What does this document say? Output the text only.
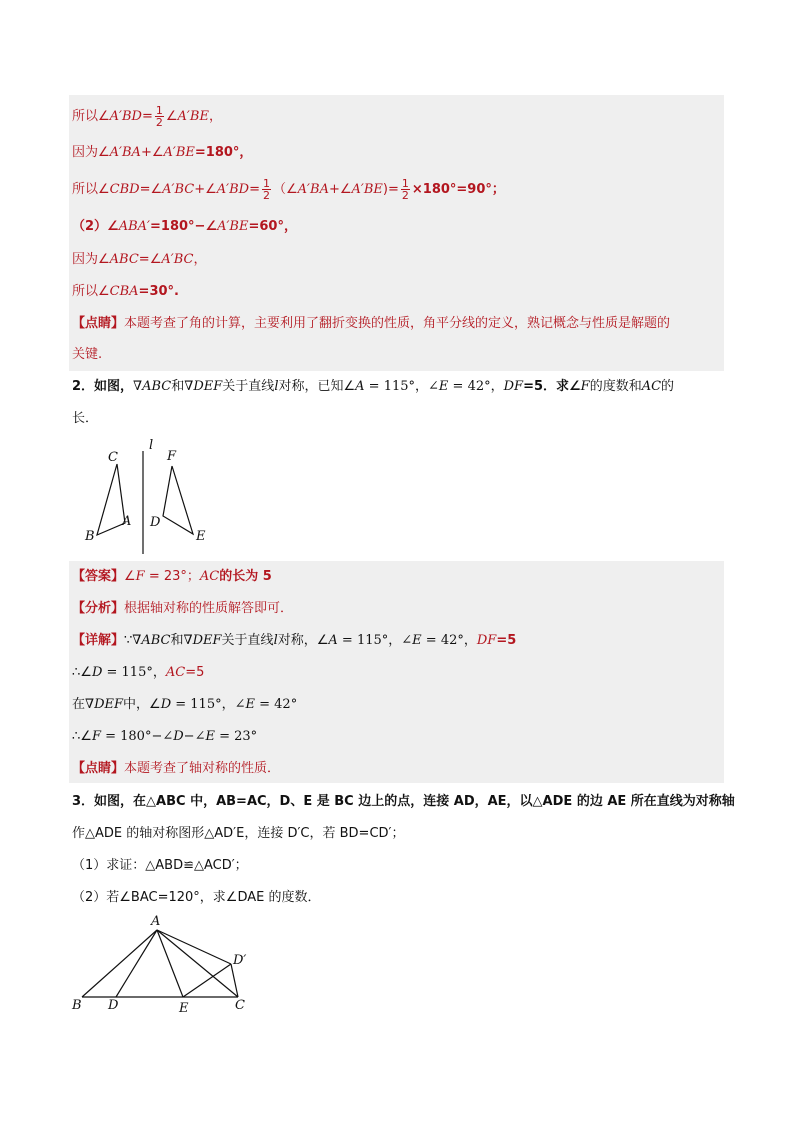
所以∠A′BD= $\frac{1}{2}$ ∠A′BE，
因为∠A′BA+∠A′BE=180°，
所以∠CBD=∠A′BC+∠A′BD= $\frac{1}{2}$ （∠A′BA+∠A′BE)= $\frac{1}{2} \times 180^\circ=90^\circ$；
（2）∠ABA′=180°−∠A′BE=60°，
因为∠ABC=∠A′BC，
所以∠CBA=30°.
【点睛】本题考查了角的计算，主要利用了翻折变换的性质，角平分线的定义，熟记概念与性质是解题的
关键.
2．如图，∇ABC和∇DEF关于直线l对称，已知∠A = 115°，∠E = 42°，DF=5．求∠F的度数和AC的
长．
C
A
B
l
F
D
E
【答案】∠F = 23°；AC的长为 5
【分析】根据轴对称的性质解答即可．
【详解】∵∇ABC和∇DEF关于直线l对称，∠A = 115°，∠E = 42°，DF=5
∴∠D = 115°，AC=5
在∇DEF中，∠D = 115°，∠E = 42°
∴∠F = 180°−∠D−∠E = 23°
【点睛】本题考查了轴对称的性质．
3．如图，在△ABC 中，AB=AC，D、E 是 BC 边上的点，连接 AD，AE，以△ADE 的边 AE 所在直线为对称轴
作△ADE 的轴对称图形△AD′E，连接 D′C，若 BD=CD′；
（1）求证：△ABD≌△ACD′；
（2）若∠BAC=120°，求∠DAE 的度数．
A
D′
B D	E	C
